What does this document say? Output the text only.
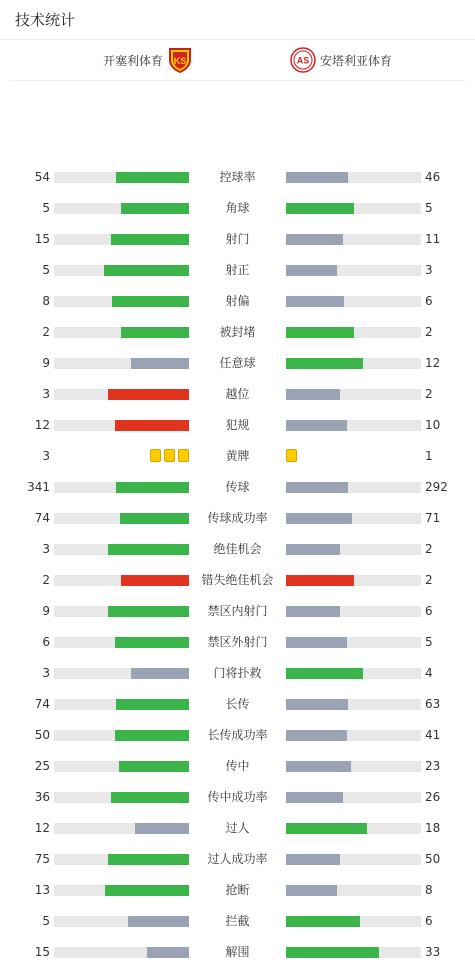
技术统计
开塞利体育 KS	AS 安塔利亚体育
54	控球率	46
5	角球	5
15	射门	11
5	射正	3
8	射偏	6
2	被封堵	2
9	任意球	12
3	越位	2
12	犯规	10
3	黄牌	1
341	传球	292
74	传球成功率	71
3	绝佳机会	2
2	错失绝佳机会	2
9	禁区内射门	6
6	禁区外射门	5
3	门将扑救	4
74	长传	63
50	长传成功率	41
25	传中	23
36	传中成功率	26
12	过人	18
75	过人成功率	50
13	抢断	8
5	拦截	6
15	解围	33
